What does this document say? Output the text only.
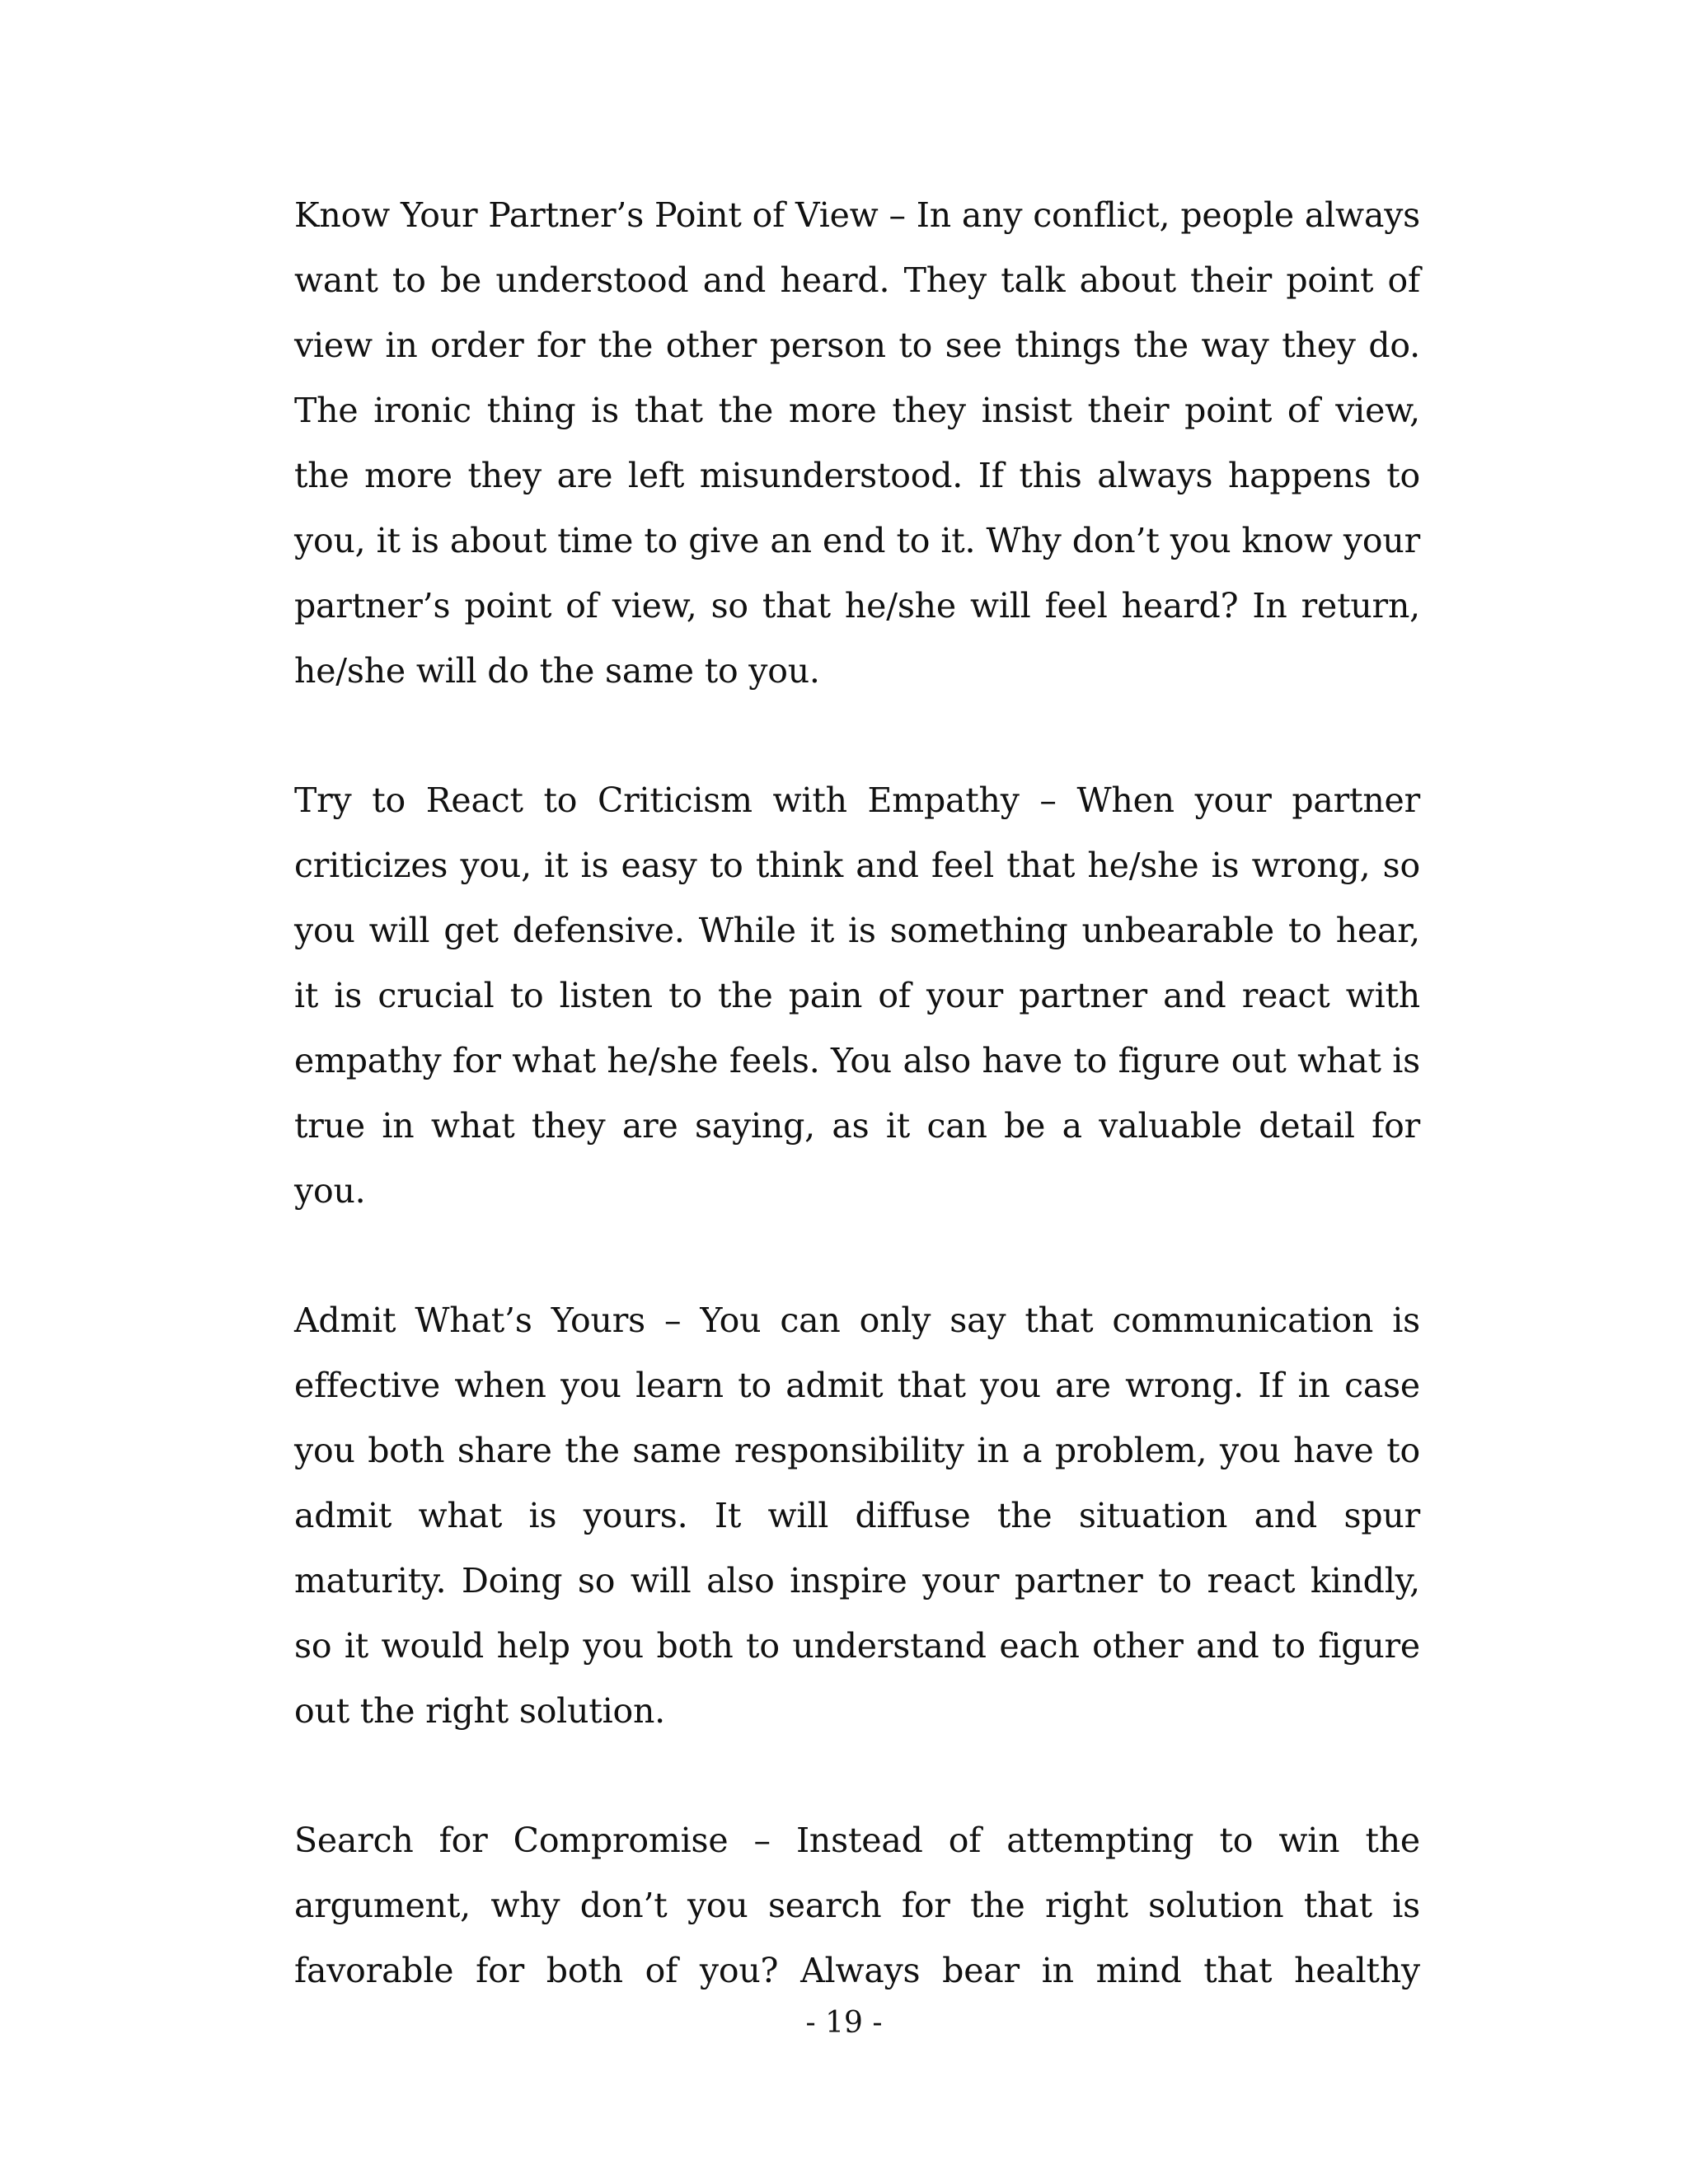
Know Your Partner’s Point of View – In any conflict, people always want to be understood and heard. They talk about their point of view in order for the other person to see things the way they do. The ironic thing is that the more they insist their point of view, the more they are left misunderstood. If this always happens to you, it is about time to give an end to it. Why don’t you know your partner’s point of view, so that he/she will feel heard? In return, he/she will do the same to you.

Try to React to Criticism with Empathy – When your partner criticizes you, it is easy to think and feel that he/she is wrong, so you will get defensive. While it is something unbearable to hear, it is crucial to listen to the pain of your partner and react with empathy for what he/she feels. You also have to figure out what is true in what they are saying, as it can be a valuable detail for you.

Admit What’s Yours – You can only say that communication is effective when you learn to admit that you are wrong. If in case you both share the same responsibility in a problem, you have to admit what is yours. It will diffuse the situation and spur maturity. Doing so will also inspire your partner to react kindly, so it would help you both to understand each other and to figure out the right solution.

Search for Compromise – Instead of attempting to win the argument, why don’t you search for the right solution that is favorable for both of you? Always bear in mind that healthy

- 19 -
